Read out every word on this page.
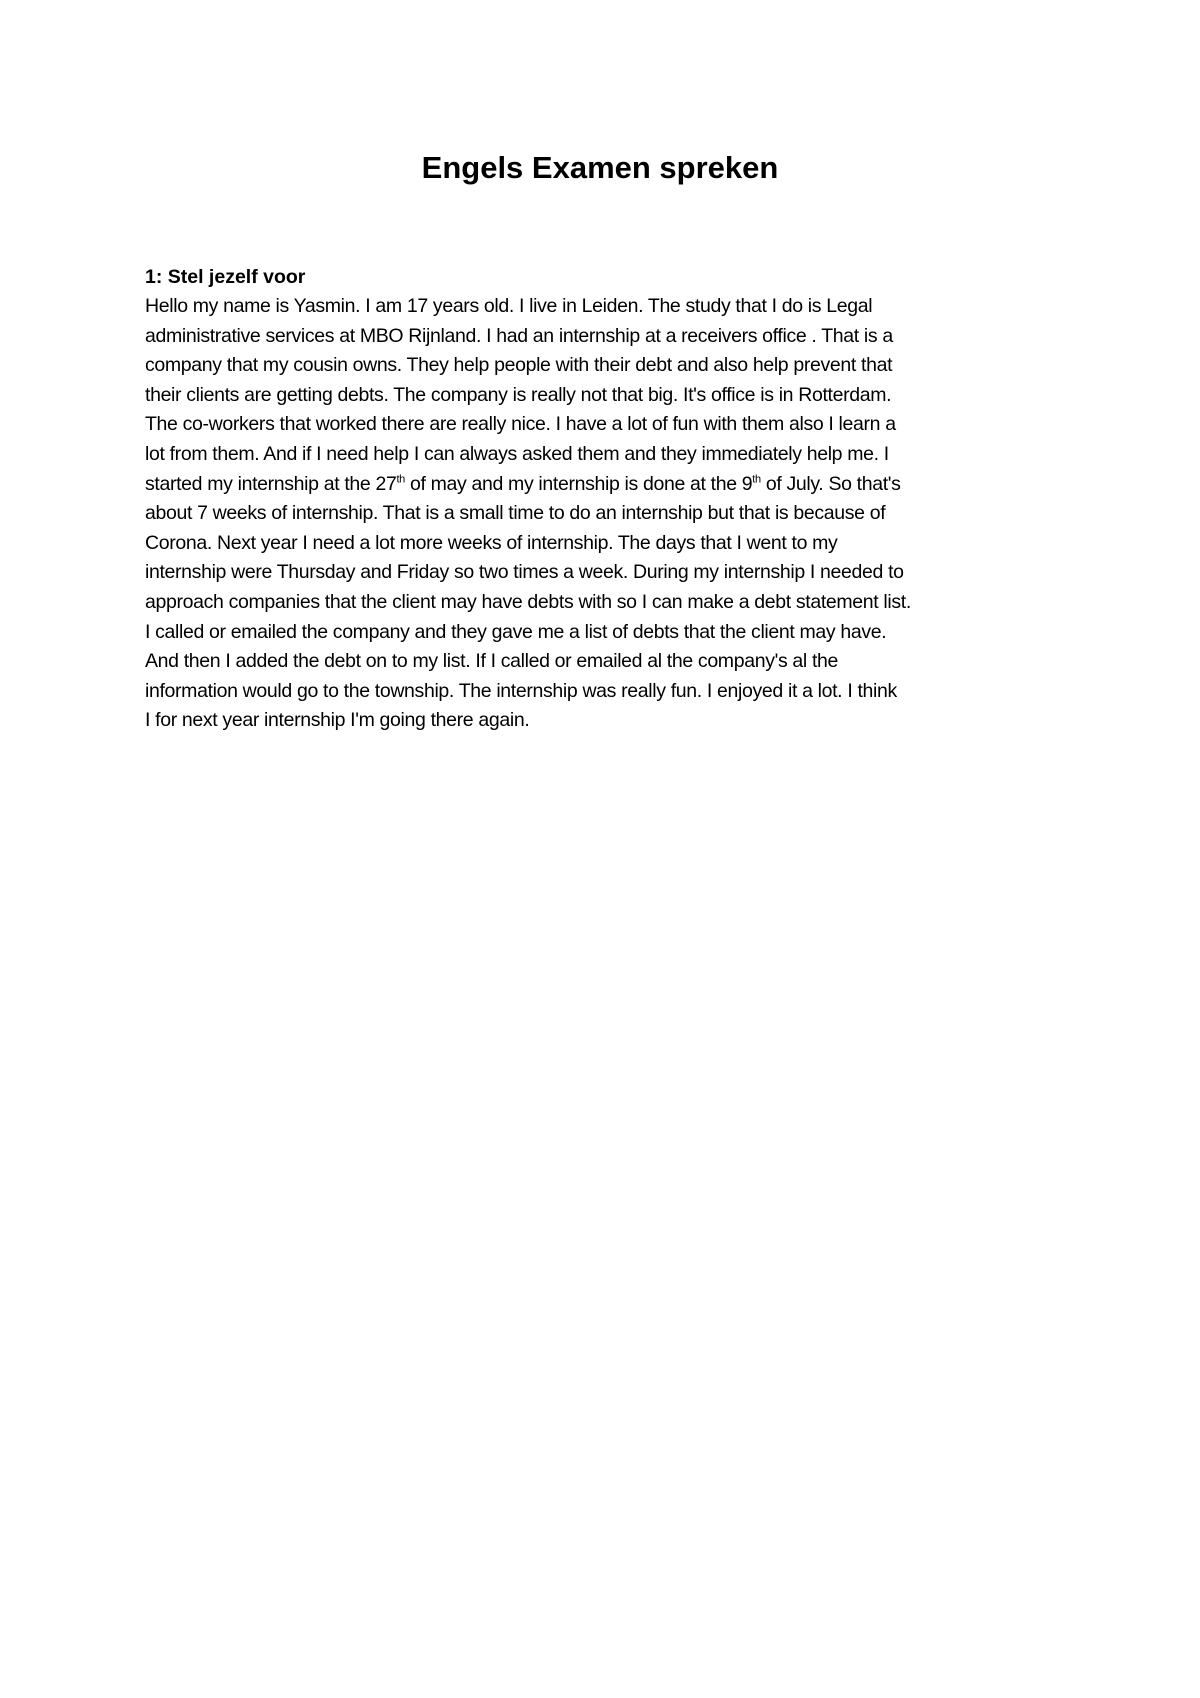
Engels Examen spreken

1: Stel jezelf voor

Hello my name is Yasmin. I am 17 years old. I live in Leiden. The study that I do is Legal
administrative services at MBO Rijnland. I had an internship at a receivers office . That is a
company that my cousin owns. They help people with their debt and also help prevent that
their clients are getting debts. The company is really not that big. It's office is in Rotterdam.
The co-workers that worked there are really nice. I have a lot of fun with them also I learn a
lot from them. And if I need help I can always asked them and they immediately help me. I
started my internship at the 27th of may and my internship is done at the 9th of July. So that's
about 7 weeks of internship. That is a small time to do an internship but that is because of
Corona. Next year I need a lot more weeks of internship. The days that I went to my
internship were Thursday and Friday so two times a week. During my internship I needed to
approach companies that the client may have debts with so I can make a debt statement list.
I called or emailed the company and they gave me a list of debts that the client may have.
And then I added the debt on to my list. If I called or emailed al the company's al the
information would go to the township. The internship was really fun. I enjoyed it a lot. I think
I for next year internship I'm going there again.
